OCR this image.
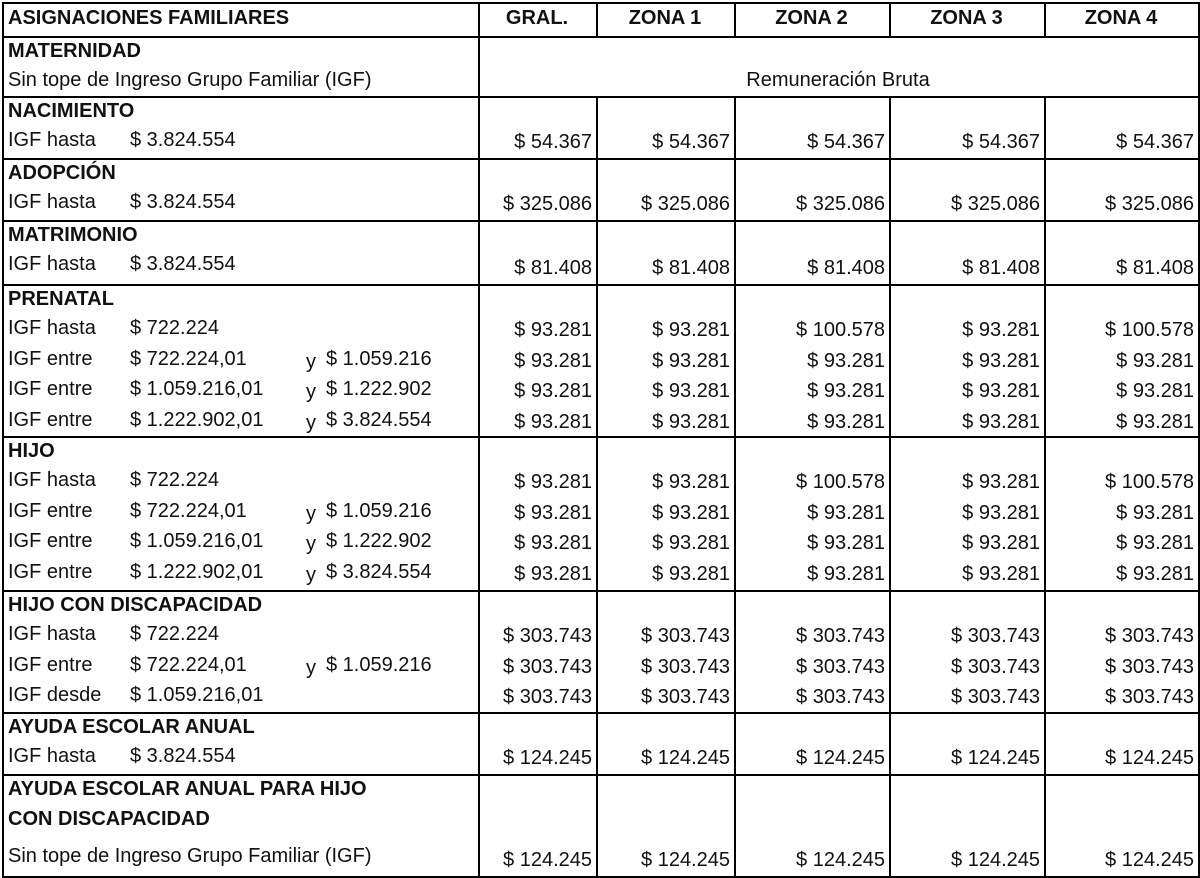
ASIGNACIONES FAMILIARES	GRAL.	ZONA 1	ZONA 2	ZONA 3	ZONA 4
MATERNIDAD
Sin tope de Ingreso Grupo Familiar (IGF)	Remuneración Bruta
NACIMIENTO
IGF hasta $ 3.824.554	$ 54.367	$ 54.367	$ 54.367	$ 54.367	$ 54.367
ADOPCIÓN
IGF hasta $ 3.824.554	$ 325.086	$ 325.086	$ 325.086	$ 325.086	$ 325.086
MATRIMONIO
IGF hasta $ 3.824.554	$ 81.408	$ 81.408	$ 81.408	$ 81.408	$ 81.408
PRENATAL
IGF hasta $ 722.224	$ 93.281	$ 93.281	$ 100.578	$ 93.281	$ 100.578
IGF entre $ 722.224,01	y $ 1.059.216	$ 93.281	$ 93.281	$ 93.281	$ 93.281	$ 93.281
IGF entre $ 1.059.216,01 y $ 1.222.902	$ 93.281	$ 93.281	$ 93.281	$ 93.281	$ 93.281
IGF entre $ 1.222.902,01 y $ 3.824.554	$ 93.281	$ 93.281	$ 93.281	$ 93.281	$ 93.281
HIJO
IGF hasta $ 722.224	$ 93.281	$ 93.281	$ 100.578	$ 93.281	$ 100.578
IGF entre $ 722.224,01	y $ 1.059.216	$ 93.281	$ 93.281	$ 93.281	$ 93.281	$ 93.281
IGF entre $ 1.059.216,01 y $ 1.222.902	$ 93.281	$ 93.281	$ 93.281	$ 93.281	$ 93.281
IGF entre $ 1.222.902,01 y $ 3.824.554	$ 93.281	$ 93.281	$ 93.281	$ 93.281	$ 93.281
HIJO CON DISCAPACIDAD
IGF hasta $ 722.224	$ 303.743	$ 303.743	$ 303.743	$ 303.743	$ 303.743
IGF entre $ 722.224,01	y $ 1.059.216	$ 303.743	$ 303.743	$ 303.743	$ 303.743	$ 303.743
IGF desde $ 1.059.216,01	$ 303.743	$ 303.743	$ 303.743	$ 303.743	$ 303.743
AYUDA ESCOLAR ANUAL
IGF hasta $ 3.824.554	$ 124.245	$ 124.245	$ 124.245	$ 124.245	$ 124.245
AYUDA ESCOLAR ANUAL PARA HIJO
CON DISCAPACIDAD
Sin tope de Ingreso Grupo Familiar (IGF)	$ 124.245	$ 124.245	$ 124.245	$ 124.245	$ 124.245
